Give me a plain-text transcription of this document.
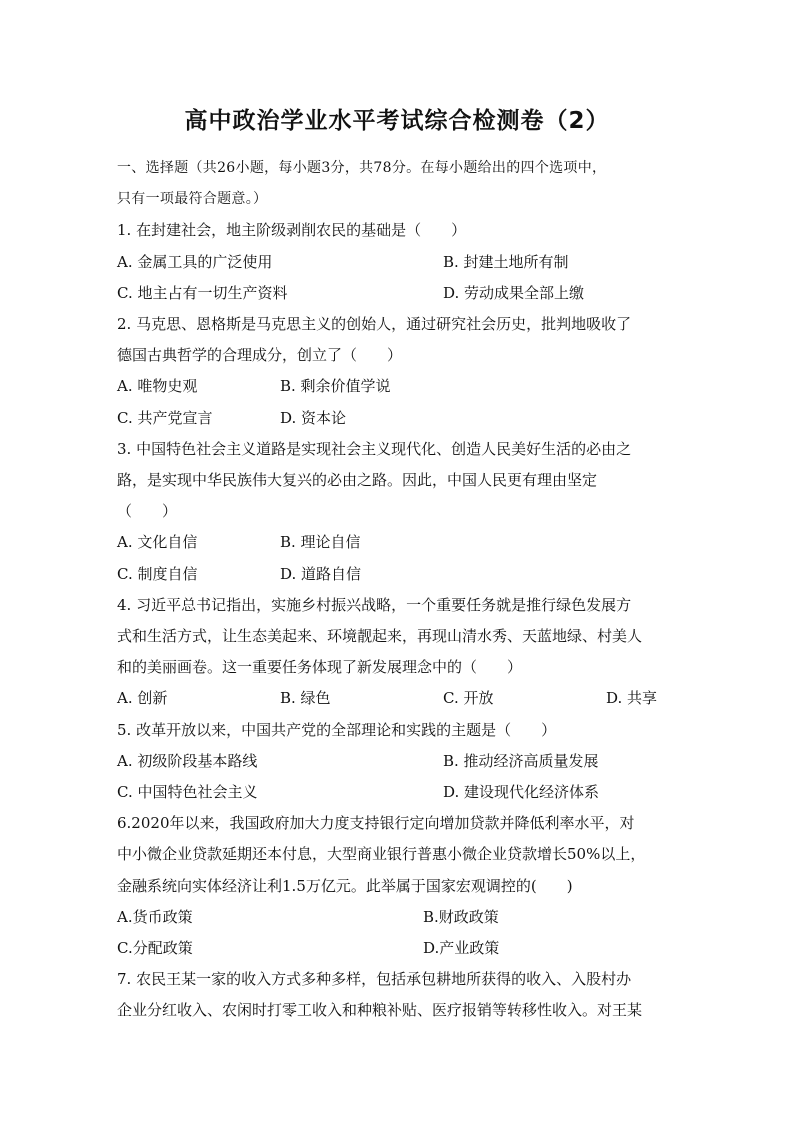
高中政治学业水平考试综合检测卷（2）

一、选择题（共26小题，每小题3分，共78分。在每小题给出的四个选项中，

只有一项最符合题意。）

1. 在封建社会，地主阶级剥削农民的基础是（　　）

A. 金属工具的广泛使用	B. 封建土地所有制
C. 地主占有一切生产资料	D. 劳动成果全部上缴

2. 马克思、恩格斯是马克思主义的创始人，通过研究社会历史，批判地吸收了

德国古典哲学的合理成分，创立了（　　）

A. 唯物史观	B. 剩余价值学说
C. 共产党宣言	D. 资本论

3. 中国特色社会主义道路是实现社会主义现代化、创造人民美好生活的必由之

路，是实现中华民族伟大复兴的必由之路。因此，中国人民更有理由坚定

（　　）

A. 文化自信	B. 理论自信
C. 制度自信	D. 道路自信

4. 习近平总书记指出，实施乡村振兴战略，一个重要任务就是推行绿色发展方

式和生活方式，让生态美起来、环境靓起来，再现山清水秀、天蓝地绿、村美人

和的美丽画卷。这一重要任务体现了新发展理念中的（　　）

A. 创新	B. 绿色	C. 开放	D. 共享

5. 改革开放以来，中国共产党的全部理论和实践的主题是（　　）

A. 初级阶段基本路线	B. 推动经济高质量发展
C. 中国特色社会主义	D. 建设现代化经济体系

6.2020年以来，我国政府加大力度支持银行定向增加贷款并降低利率水平，对

中小微企业贷款延期还本付息，大型商业银行普惠小微企业贷款增长50%以上，

金融系统向实体经济让利1.5万亿元。此举属于国家宏观调控的(　　)

A.货币政策	B.财政政策
C.分配政策	D.产业政策

7. 农民王某一家的收入方式多种多样，包括承包耕地所获得的收入、入股村办

企业分红收入、农闲时打零工收入和种粮补贴、医疗报销等转移性收入。对王某
